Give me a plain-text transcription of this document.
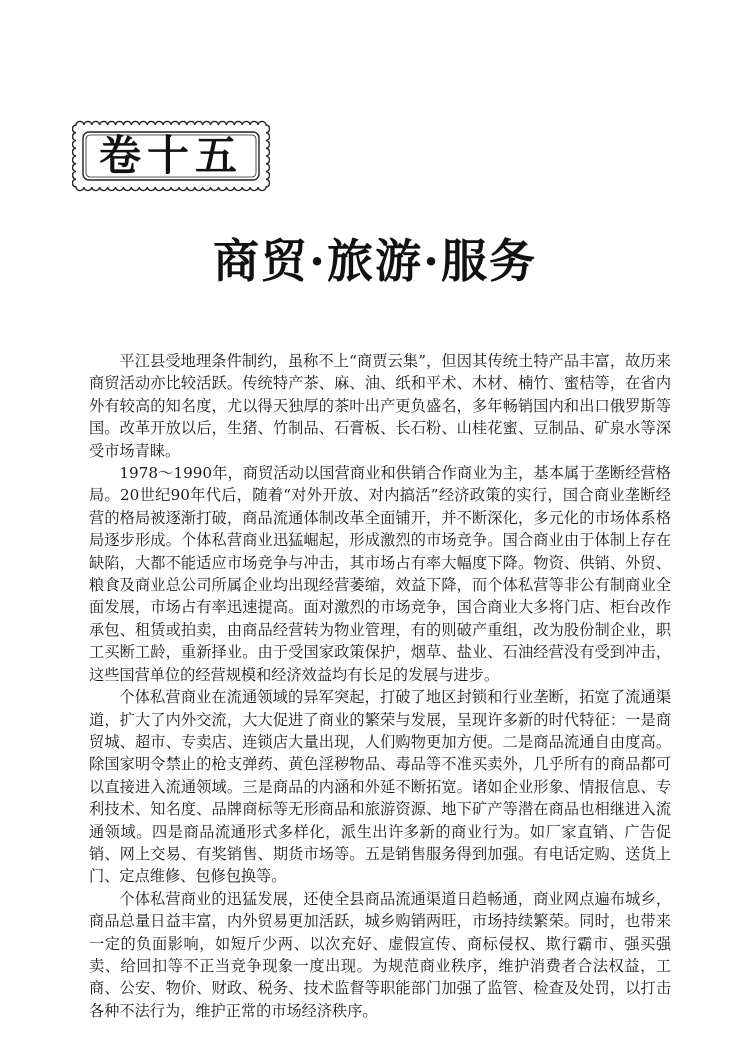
卷十五
商贸·旅游·服务

平江县受地理条件制约，虽称不上“商贾云集”，但因其传统土特产品丰富，故历来商贸活动亦比较活跃。传统特产茶、麻、油、纸和平术、木材、楠竹、蜜桔等，在省内外有较高的知名度，尤以得天独厚的茶叶出产更负盛名，多年畅销国内和出口俄罗斯等国。改革开放以后，生猪、竹制品、石膏板、长石粉、山桂花蜜、豆制品、矿泉水等深受市场青睐。

1978～1990年，商贸活动以国营商业和供销合作商业为主，基本属于垄断经营格局。20世纪90年代后，随着“对外开放、对内搞活”经济政策的实行，国合商业垄断经营的格局被逐渐打破，商品流通体制改革全面铺开，并不断深化，多元化的市场体系格局逐步形成。个体私营商业迅猛崛起，形成激烈的市场竞争。国合商业由于体制上存在缺陷，大都不能适应市场竞争与冲击，其市场占有率大幅度下降。物资、供销、外贸、粮食及商业总公司所属企业均出现经营萎缩，效益下降，而个体私营等非公有制商业全面发展，市场占有率迅速提高。面对激烈的市场竞争，国合商业大多将门店、柜台改作承包、租赁或拍卖，由商品经营转为物业管理，有的则破产重组，改为股份制企业，职工买断工龄，重新择业。由于受国家政策保护，烟草、盐业、石油经营没有受到冲击，这些国营单位的经营规模和经济效益均有长足的发展与进步。

个体私营商业在流通领域的异军突起，打破了地区封锁和行业垄断，拓宽了流通渠道，扩大了内外交流，大大促进了商业的繁荣与发展，呈现许多新的时代特征：一是商贸城、超市、专卖店、连锁店大量出现，人们购物更加方便。二是商品流通自由度高。除国家明令禁止的枪支弹药、黄色淫秽物品、毒品等不准买卖外，几乎所有的商品都可以直接进入流通领域。三是商品的内涵和外延不断拓宽。诸如企业形象、情报信息、专利技术、知名度、品牌商标等无形商品和旅游资源、地下矿产等潜在商品也相继进入流通领域。四是商品流通形式多样化，派生出许多新的商业行为。如厂家直销、广告促销、网上交易、有奖销售、期货市场等。五是销售服务得到加强。有电话定购、送货上门、定点维修、包修包换等。

个体私营商业的迅猛发展，还使全县商品流通渠道日趋畅通，商业网点遍布城乡，商品总量日益丰富，内外贸易更加活跃，城乡购销两旺，市场持续繁荣。同时，也带来一定的负面影响，如短斤少两、以次充好、虚假宣传、商标侵权、欺行霸市、强买强卖、给回扣等不正当竞争现象一度出现。为规范商业秩序，维护消费者合法权益，工商、公安、物价、财政、税务、技术监督等职能部门加强了监管、检查及处罚，以打击各种不法行为，维护正常的市场经济秩序。
